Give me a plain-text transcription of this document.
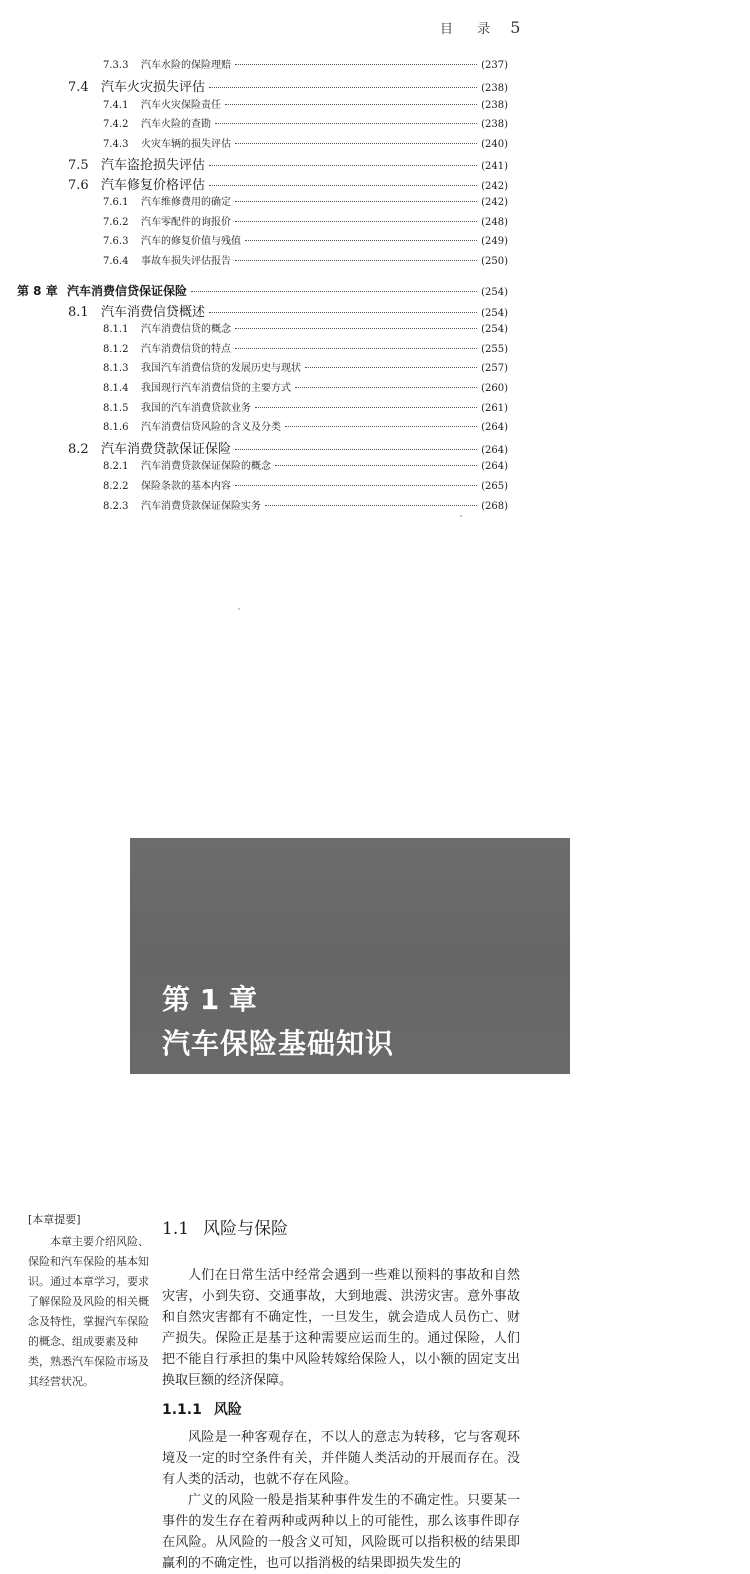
目 录 5
7.3.3	汽车水险的保险理赔	(237)
7.4 汽车火灾损失评估	(238)
7.4.1	汽车火灾保险责任	(238)
7.4.2	汽车火险的查勘	(238)
7.4.3	火灾车辆的损失评估	(240)
7.5 汽车盗抢损失评估	(241)
7.6 汽车修复价格评估	(242)
7.6.1	汽车维修费用的确定	(242)
7.6.2	汽车零配件的询报价	(248)
7.6.3	汽车的修复价值与残值	(249)
7.6.4	事故车损失评估报告	(250)
第 8 章 汽车消费信贷保证保险	(254)
8.1 汽车消费信贷概述	(254)
8.1.1	汽车消费信贷的概念	(254)
8.1.2	汽车消费信贷的特点	(255)
8.1.3	我国汽车消费信贷的发展历史与现状	(257)
8.1.4	我国现行汽车消费信贷的主要方式	(260)
8.1.5	我国的汽车消费贷款业务	(261)
8.1.6	汽车消费信贷风险的含义及分类	(264)
8.2 汽车消费贷款保证保险	(264)
8.2.1	汽车消费贷款保证保险的概念	(264)
8.2.2	保险条款的基本内容	(265)
8.2.3	汽车消费贷款保证保险实务	(268)
第 1 章
汽车保险基础知识
[本章提要]

本章主要介绍风险、保险和汽车保险的基本知识。通过本章学习，要求了解保险及风险的相关概念及特性，掌握汽车保险的概念、组成要素及种类，熟悉汽车保险市场及其经营状况。

1.1 风险与保险

人们在日常生活中经常会遇到一些难以预料的事故和自然灾害，小到失窃、交通事故，大到地震、洪涝灾害。意外事故和自然灾害都有不确定性，一旦发生，就会造成人员伤亡、财产损失。保险正是基于这种需要应运而生的。通过保险，人们把不能自行承担的集中风险转嫁给保险人，以小额的固定支出换取巨额的经济保障。

1.1.1 风险

风险是一种客观存在，不以人的意志为转移，它与客观环境及一定的时空条件有关，并伴随人类活动的开展而存在。没有人类的活动，也就不存在风险。

广义的风险一般是指某种事件发生的不确定性。只要某一事件的发生存在着两种或两种以上的可能性，那么该事件即存在风险。从风险的一般含义可知，风险既可以指积极的结果即赢利的不确定性，也可以指消极的结果即损失发生的
